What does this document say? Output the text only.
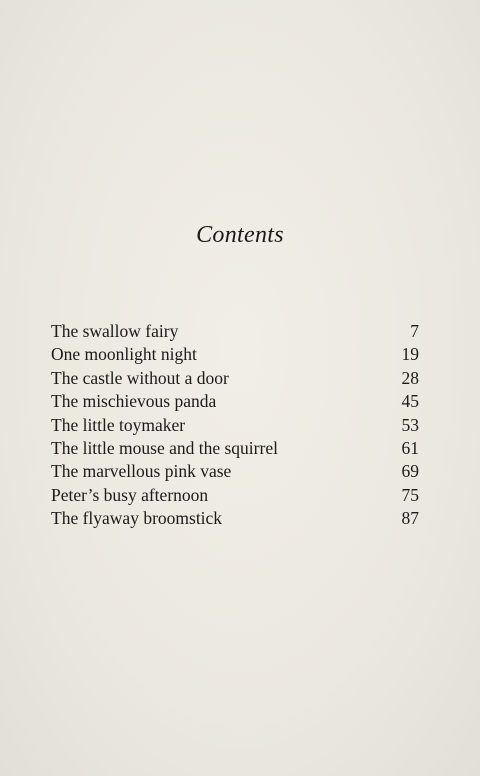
Contents
The swallow fairy	7
One moonlight night	19
The castle without a door	28
The mischievous panda	45
The little toymaker	53
The little mouse and the squirrel	61
The marvellous pink vase	69
Peter’s busy afternoon	75
The flyaway broomstick	87
